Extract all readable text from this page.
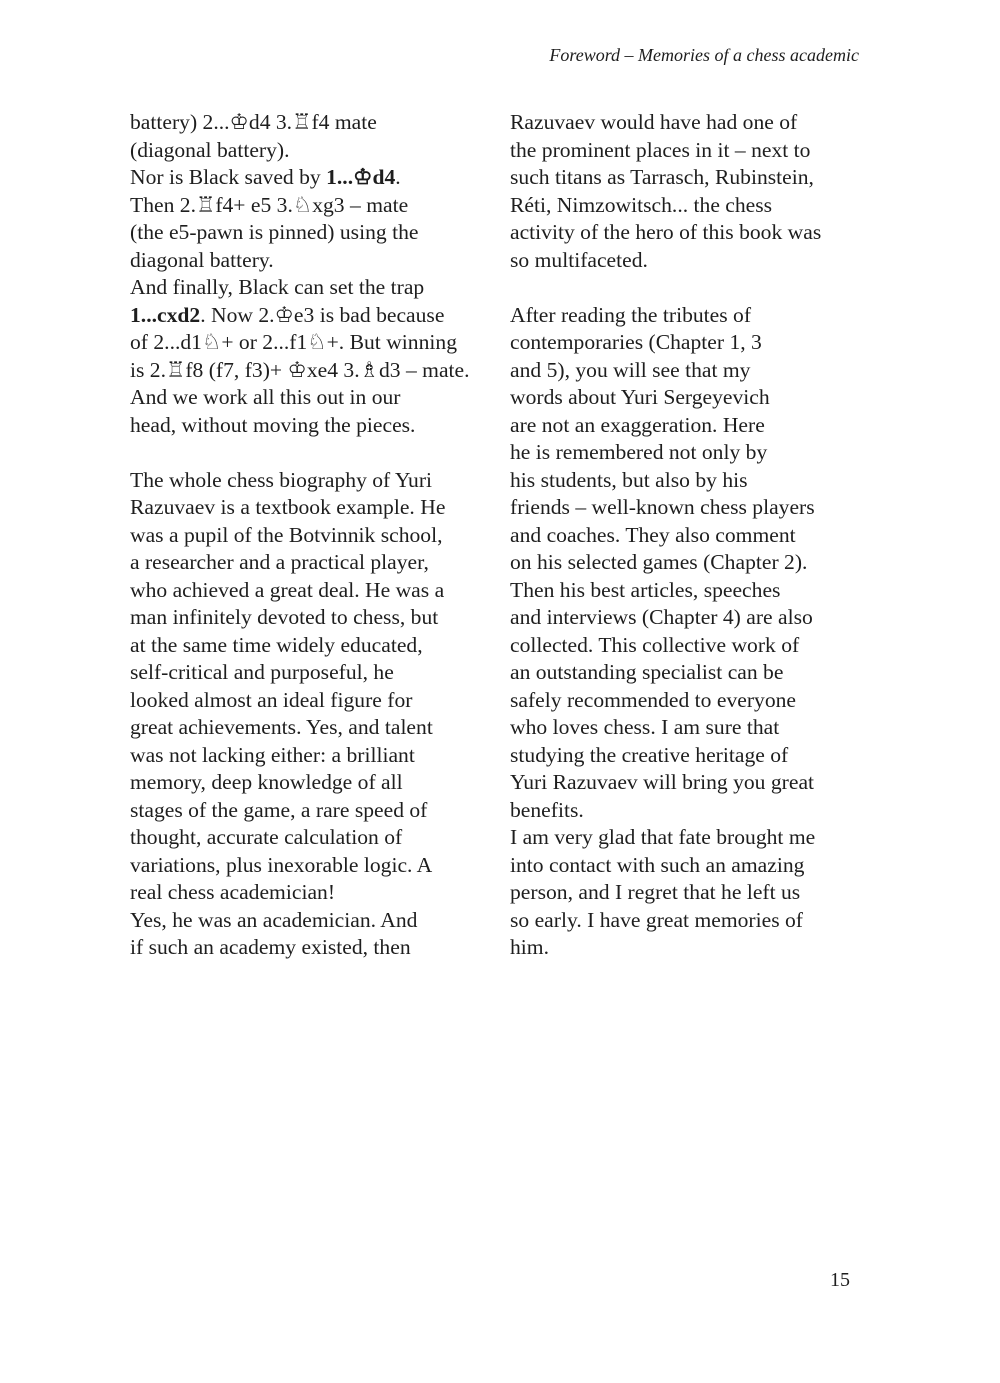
Foreword – Memories of a chess academic
battery) 2...♔d4 3.♖f4 mate
(diagonal battery).
Nor is Black saved by 1...♔d4.
Then 2.♖f4+ e5 3.♘xg3 – mate
(the e5-pawn is pinned) using the
diagonal battery.
And finally, Black can set the trap
1...cxd2. Now 2.♔e3 is bad because
of 2...d1♘+ or 2...f1♘+. But winning
is 2.♖f8 (f7, f3)+ ♔xe4 3.♗d3 – mate.
And we work all this out in our
head, without moving the pieces.
The whole chess biography of Yuri
Razuvaev is a textbook example. He
was a pupil of the Botvinnik school,
a researcher and a practical player,
who achieved a great deal. He was a
man infinitely devoted to chess, but
at the same time widely educated,
self-critical and purposeful, he
looked almost an ideal figure for
great achievements. Yes, and talent
was not lacking either: a brilliant
memory, deep knowledge of all
stages of the game, a rare speed of
thought, accurate calculation of
variations, plus inexorable logic. A
real chess academician!
Yes, he was an academician. And
if such an academy existed, then
Razuvaev would have had one of
the prominent places in it – next to
such titans as Tarrasch, Rubinstein,
Réti, Nimzowitsch... the chess
activity of the hero of this book was
so multifaceted.
After reading the tributes of
contemporaries (Chapter 1, 3
and 5), you will see that my
words about Yuri Sergeyevich
are not an exaggeration. Here
he is remembered not only by
his students, but also by his
friends – well-known chess players
and coaches. They also comment
on his selected games (Chapter 2).
Then his best articles, speeches
and interviews (Chapter 4) are also
collected. This collective work of
an outstanding specialist can be
safely recommended to everyone
who loves chess. I am sure that
studying the creative heritage of
Yuri Razuvaev will bring you great
benefits.
I am very glad that fate brought me
into contact with such an amazing
person, and I regret that he left us
so early. I have great memories of
him.
15
